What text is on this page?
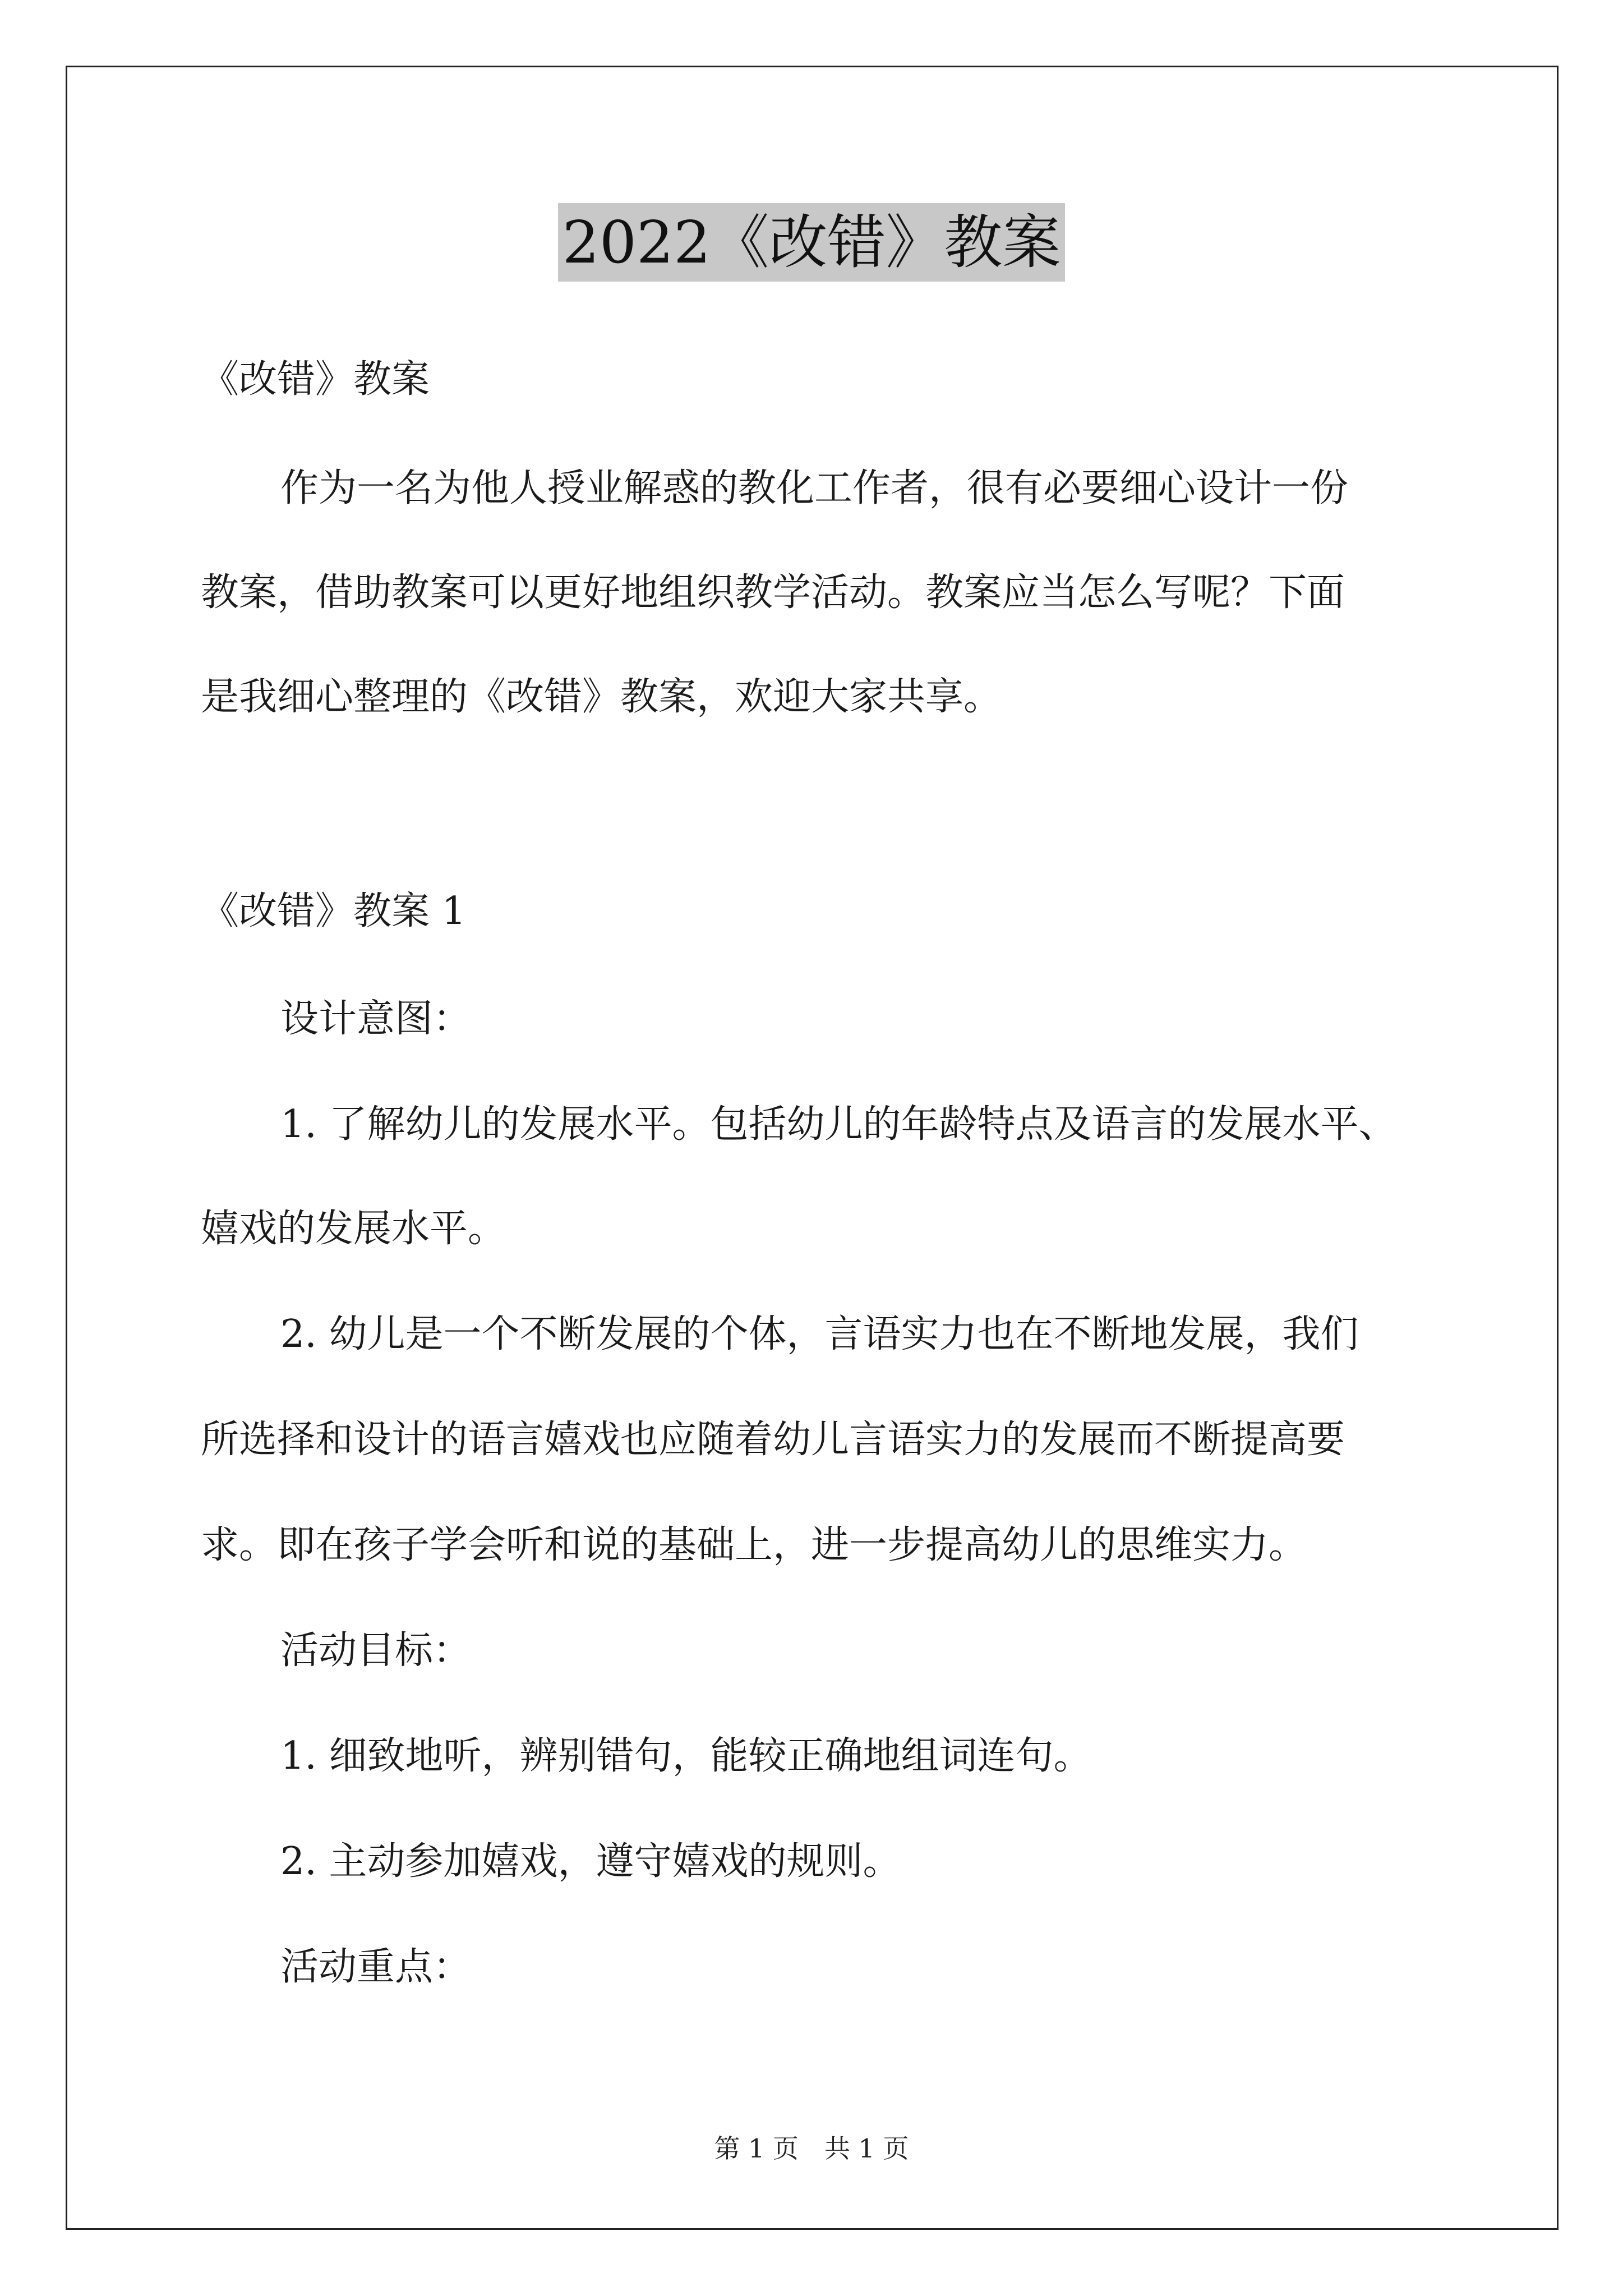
2022《改错》教案
《改错》教案
作为一名为他人授业解惑的教化工作者，很有必要细心设计一份
教案，借助教案可以更好地组织教学活动。教案应当怎么写呢？下面
是我细心整理的《改错》教案，欢迎大家共享。
《改错》教案 1
设计意图：
1. 了解幼儿的发展水平。包括幼儿的年龄特点及语言的发展水平、
嬉戏的发展水平。
2. 幼儿是一个不断发展的个体，言语实力也在不断地发展，我们
所选择和设计的语言嬉戏也应随着幼儿言语实力的发展而不断提高要
求。即在孩子学会听和说的基础上，进一步提高幼儿的思维实力。
活动目标：
1. 细致地听，辨别错句，能较正确地组词连句。
2. 主动参加嬉戏，遵守嬉戏的规则。
活动重点：
第 1 页　共 1 页
